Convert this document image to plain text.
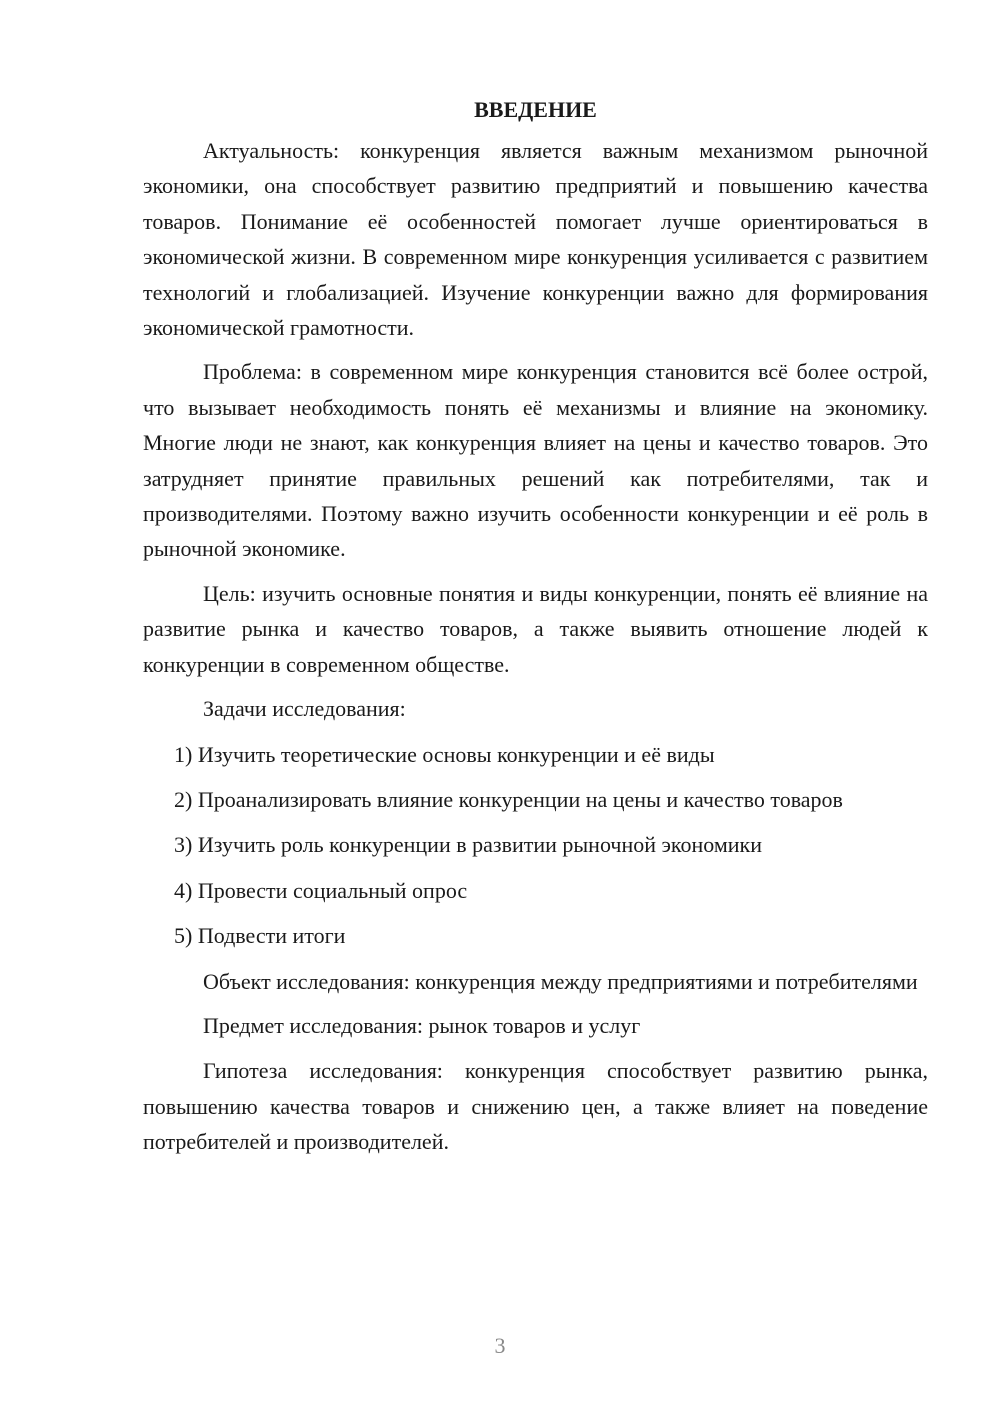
ВВЕДЕНИЕ

Актуальность: конкуренция является важным механизмом рыночной экономики, она способствует развитию предприятий и повышению качества товаров. Понимание её особенностей помогает лучше ориентироваться в экономической жизни. В современном мире конкуренция усиливается с развитием технологий и глобализацией. Изучение конкуренции важно для формирования экономической грамотности.

Проблема: в современном мире конкуренция становится всё более острой, что вызывает необходимость понять её механизмы и влияние на экономику. Многие люди не знают, как конкуренция влияет на цены и качество товаров. Это затрудняет принятие правильных решений как потребителями, так и производителями. Поэтому важно изучить особенности конкуренции и её роль в рыночной экономике.

Цель: изучить основные понятия и виды конкуренции, понять её влияние на развитие рынка и качество товаров, а также выявить отношение людей к конкуренции в современном обществе.

Задачи исследования:

1) Изучить теоретические основы конкуренции и её виды

2) Проанализировать влияние конкуренции на цены и качество товаров

3) Изучить роль конкуренции в развитии рыночной экономики

4) Провести социальный опрос

5) Подвести итоги

Объект исследования: конкуренция между предприятиями и потребителями

Предмет исследования: рынок товаров и услуг

Гипотеза исследования: конкуренция способствует развитию рынка, повышению качества товаров и снижению цен, а также влияет на поведение потребителей и производителей.

3
